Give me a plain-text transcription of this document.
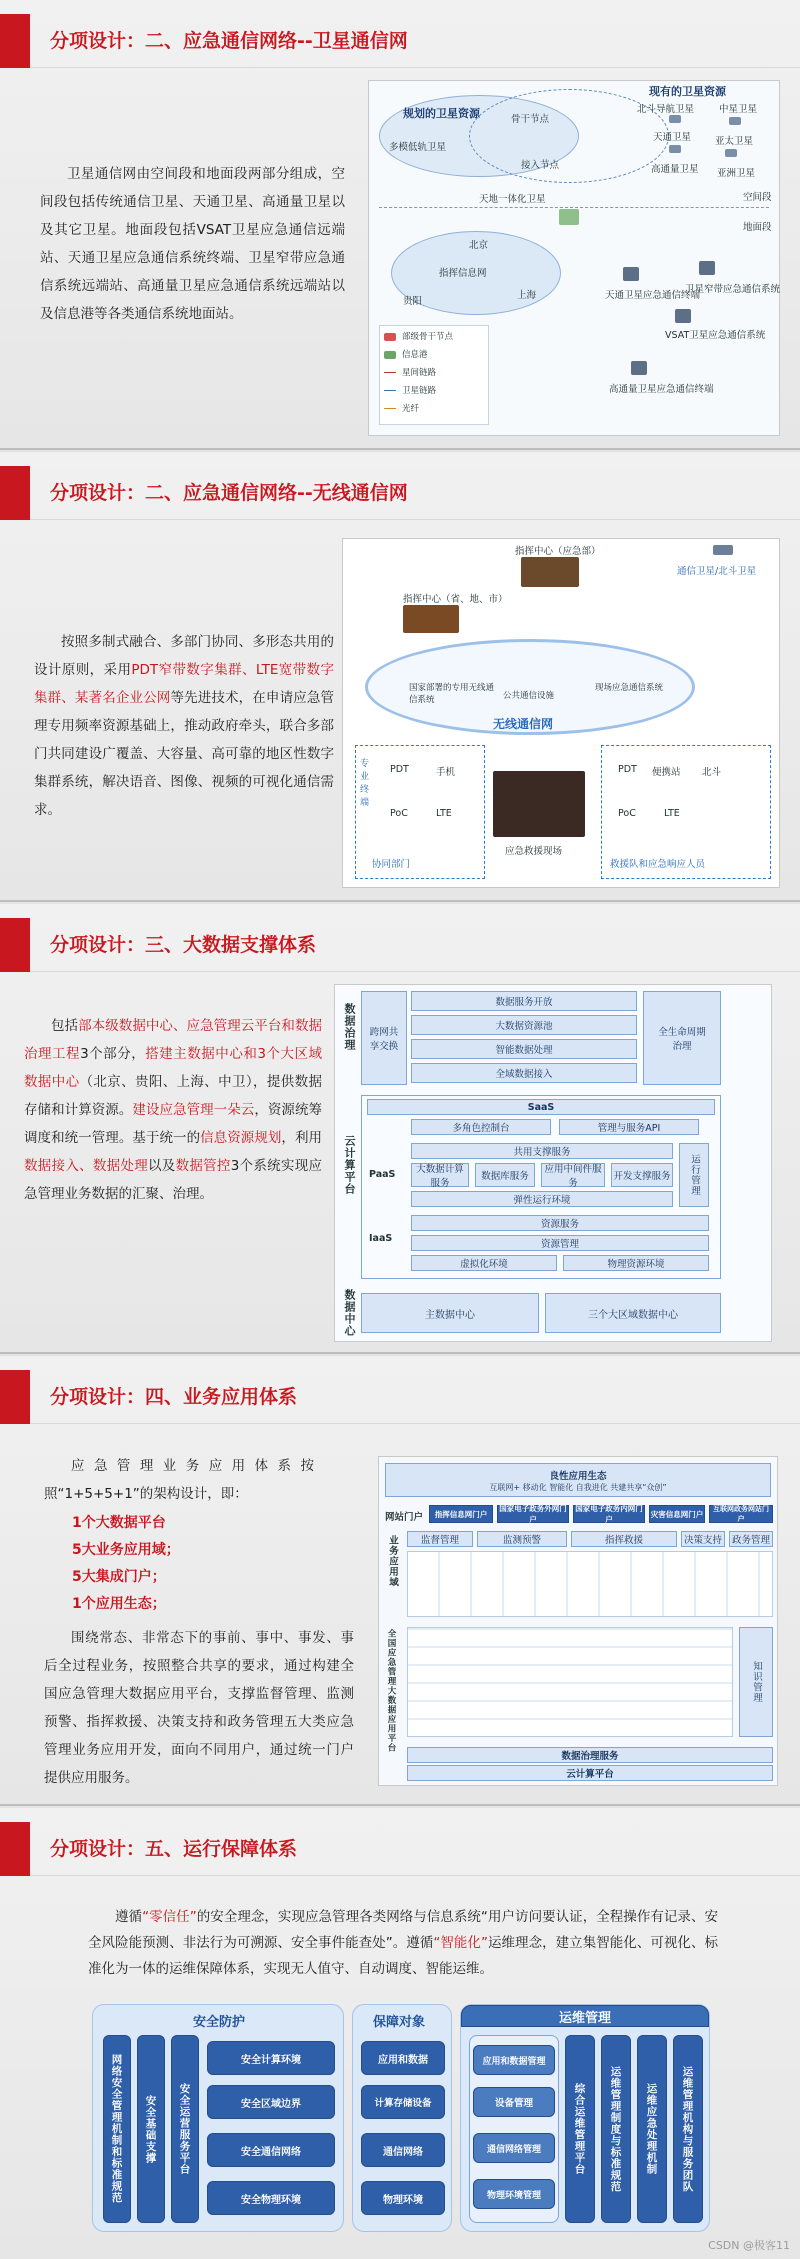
分项设计：二、应急通信网络--卫星通信网
卫星通信网由空间段和地面段两部分组成，空间段包括传统通信卫星、天通卫星、高通量卫星以及其它卫星。地面段包括VSAT卫星应急通信远端站、天通卫星应急通信系统终端、卫星窄带应急通信系统远端站、高通量卫星应急通信系统远端站以及信息港等各类通信系统地面站。
规划的卫星资源
多模低轨卫星
骨干节点
接入节点
天地一体化卫星
现有的卫星资源
北斗导航卫星	中星卫星
天通卫星	亚太卫星
高通量卫星 亚洲卫星
空间段
地面段
指挥信息网
北京
上海
贵阳
天通卫星应急通信终端
VSAT卫星应急通信系统
卫星窄带应急通信系统
高通量卫星应急通信终端
部级骨干节点
信息港
星间链路
卫星链路
光纤
分项设计：二、应急通信网络--无线通信网
按照多制式融合、多部门协同、多形态共用的设计原则，采用PDT窄带数字集群、LTE宽带数字集群、某著名企业公网等先进技术，在申请应急管理专用频率资源基础上，推动政府牵头，联合多部门共同建设广覆盖、大容量、高可靠的地区性数字集群系统，解决语音、图像、视频的可视化通信需求。
指挥中心（应急部）
指挥中心（省、地、市）
通信卫星/北斗卫星
国家部署的专用无线通信系统	公共通信设施
现场应急通信系统
无线通信网
专业终端
PDT	手机
PoC	LTE
协同部门
应急救援现场
PDT 便携站 北斗
PoC	LTE
救援队和应急响应人员
分项设计：三、大数据支撑体系
包括部本级数据中心、应急管理云平台和数据治理工程3个部分，搭建主数据中心和3个大区域数据中心（北京、贵阳、上海、中卫），提供数据存储和计算资源。建设应急管理一朵云，资源统筹调度和统一管理。基于统一的信息资源规划，利用数据接入、数据处理以及数据管控3个系统实现应急管理业务数据的汇聚、治理。
数据治理	跨网共享交换
数据服务开放
大数据资源池
智能数据处理
全域数据接入
全生命周期治理
云计算平台
SaaS
多角色控制台	管理与服务API
PaaS
共用支撑服务
大数据计算服务
数据库服务
应用中间件服务
开发支撑服务
弹性运行环境
运行管理
IaaS
资源服务
资源管理
虚拟化环境	物理资源环境
数据中心	主数据中心	三个大区域数据中心
分项设计：四、业务应用体系
应急管理业务应用体系按照“1+5+5+1”的架构设计，即：
1个大数据平台
5大业务应用域；
5大集成门户；
1个应用生态；
围绕常态、非常态下的事前、事中、事发、事后全过程业务，按照整合共享的要求，通过构建全国应急管理大数据应用平台，支撑监督管理、监测预警、指挥救援、决策支持和政务管理五大类应急管理业务应用开发，面向不同用户，通过统一门户提供应用服务。
良性应用生态
互联网+ 移动化 智能化 自我进化 共建共享“众创”
网站门户	指挥信息网门户
国家电子政务外网门户
国家电子政务内网门户
灾害信息网门户
互联网政务网站门户
业务应用域	监督管理	监测预警	指挥救援	决策支持	政务管理
全国应急管理大数据应用平台	知识管理
数据治理服务
云计算平台
分项设计：五、运行保障体系
遵循“零信任”的安全理念，实现应急管理各类网络与信息系统“用户访问要认证，全程操作有记录、安全风险能预测、非法行为可溯源、安全事件能查处”。遵循“智能化”运维理念，建立集智能化、可视化、标准化为一体的运维保障体系，实现无人值守、自动调度、智能运维。
安全防护
网络安全管理机制和标准规范	安全基础支撑	安全运营服务平台
安全计算环境
安全区域边界
安全通信网络
安全物理环境
保障对象
应用和数据
计算存储设备
通信网络
物理环境
运维管理
应用和数据管理
设备管理
通信网络管理
物理环境管理
综合运维管理平台	运维管理制度与标准规范	运维应急处理机制	运维管理机构与服务团队
CSDN @极客11
